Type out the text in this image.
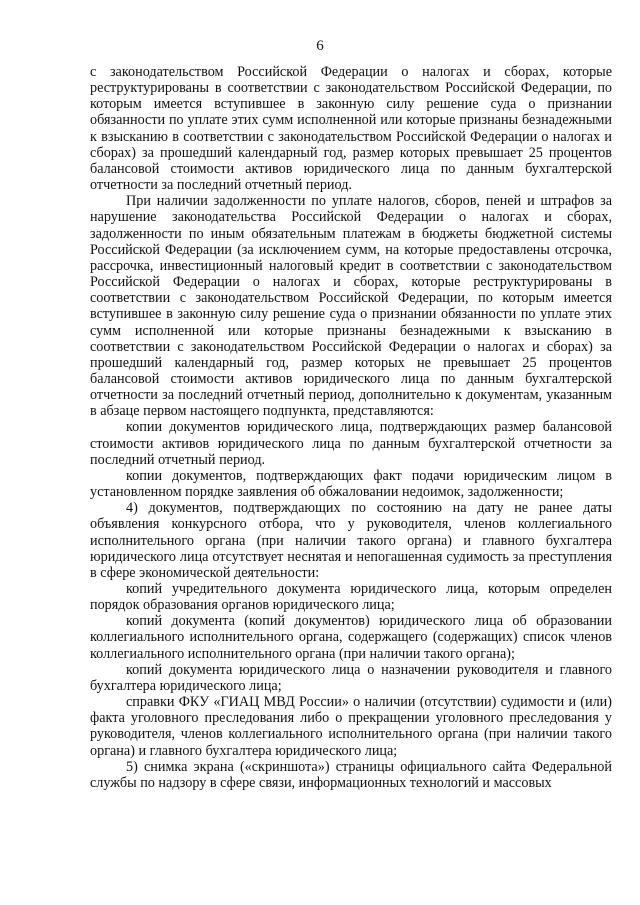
6

с законодательством Российской Федерации о налогах и сборах, которые реструктурированы в соответствии с законодательством Российской Федерации, по которым имеется вступившее в законную силу решение суда о признании обязанности по уплате этих сумм исполненной или которые признаны безнадежными к взысканию в соответствии с законодательством Российской Федерации о налогах и сборах) за прошедший календарный год, размер которых превышает 25 процентов балансовой стоимости активов юридического лица по данным бухгалтерской отчетности за последний отчетный период.

При наличии задолженности по уплате налогов, сборов, пеней и штрафов за нарушение законодательства Российской Федерации о налогах и сборах, задолженности по иным обязательным платежам в бюджеты бюджетной системы Российской Федерации (за исключением сумм, на которые предоставлены отсрочка, рассрочка, инвестиционный налоговый кредит в соответствии с законодательством Российской Федерации о налогах и сборах, которые реструктурированы в соответствии с законодательством Российской Федерации, по которым имеется вступившее в законную силу решение суда о признании обязанности по уплате этих сумм исполненной или которые признаны безнадежными к взысканию в соответствии с законодательством Российской Федерации о налогах и сборах) за прошедший календарный год, размер которых не превышает 25 процентов балансовой стоимости активов юридического лица по данным бухгалтерской отчетности за последний отчетный период, дополнительно к документам, указанным в абзаце первом настоящего подпункта, представляются:

копии документов юридического лица, подтверждающих размер балансовой стоимости активов юридического лица по данным бухгалтерской отчетности за последний отчетный период.

копии документов, подтверждающих факт подачи юридическим лицом в установленном порядке заявления об обжаловании недоимок, задолженности;

4) документов, подтверждающих по состоянию на дату не ранее даты объявления конкурсного отбора, что у руководителя, членов коллегиального исполнительного органа (при наличии такого органа) и главного бухгалтера юридического лица отсутствует неснятая и непогашенная судимость за преступления в сфере экономической деятельности:

копий учредительного документа юридического лица, которым определен порядок образования органов юридического лица;

копий документа (копий документов) юридического лица об образовании коллегиального исполнительного органа, содержащего (содержащих) список членов коллегиального исполнительного органа (при наличии такого органа);

копий документа юридического лица о назначении руководителя и главного бухгалтера юридического лица;

справки ФКУ «ГИАЦ МВД России» о наличии (отсутствии) судимости и (или) факта уголовного преследования либо о прекращении уголовного преследования у руководителя, членов коллегиального исполнительного органа (при наличии такого органа) и главного бухгалтера юридического лица;

5) снимка экрана («скриншота») страницы официального сайта Федеральной службы по надзору в сфере связи, информационных технологий и массовых
